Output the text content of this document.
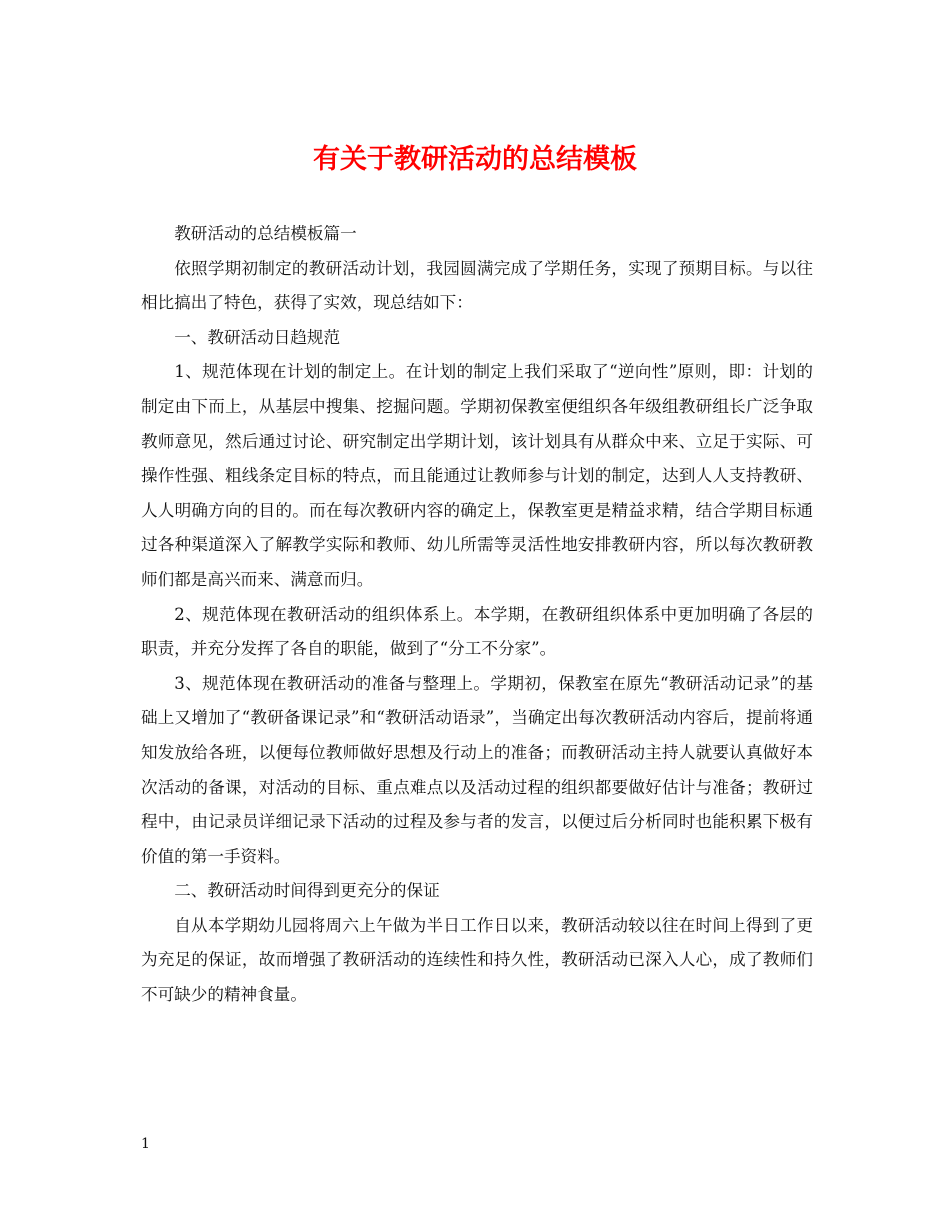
有关于教研活动的总结模板

教研活动的总结模板篇一

依照学期初制定的教研活动计划，我园圆满完成了学期任务，实现了预期目标。与以往相比搞出了特色，获得了实效，现总结如下：

一、教研活动日趋规范

1、规范体现在计划的制定上。在计划的制定上我们采取了“逆向性”原则，即：计划的制定由下而上，从基层中搜集、挖掘问题。学期初保教室便组织各年级组教研组长广泛争取教师意见，然后通过讨论、研究制定出学期计划，该计划具有从群众中来、立足于实际、可操作性强、粗线条定目标的特点，而且能通过让教师参与计划的制定，达到人人支持教研、人人明确方向的目的。而在每次教研内容的确定上，保教室更是精益求精，结合学期目标通过各种渠道深入了解教学实际和教师、幼儿所需等灵活性地安排教研内容，所以每次教研教师们都是高兴而来、满意而归。

2、规范体现在教研活动的组织体系上。本学期，在教研组织体系中更加明确了各层的职责，并充分发挥了各自的职能，做到了“分工不分家”。

3、规范体现在教研活动的准备与整理上。学期初，保教室在原先“教研活动记录”的基础上又增加了“教研备课记录”和“教研活动语录”，当确定出每次教研活动内容后，提前将通知发放给各班，以便每位教师做好思想及行动上的准备；而教研活动主持人就要认真做好本次活动的备课，对活动的目标、重点难点以及活动过程的组织都要做好估计与准备；教研过程中，由记录员详细记录下活动的过程及参与者的发言，以便过后分析同时也能积累下极有价值的第一手资料。

二、教研活动时间得到更充分的保证

自从本学期幼儿园将周六上午做为半日工作日以来，教研活动较以往在时间上得到了更为充足的保证，故而增强了教研活动的连续性和持久性，教研活动已深入人心，成了教师们不可缺少的精神食量。

1
